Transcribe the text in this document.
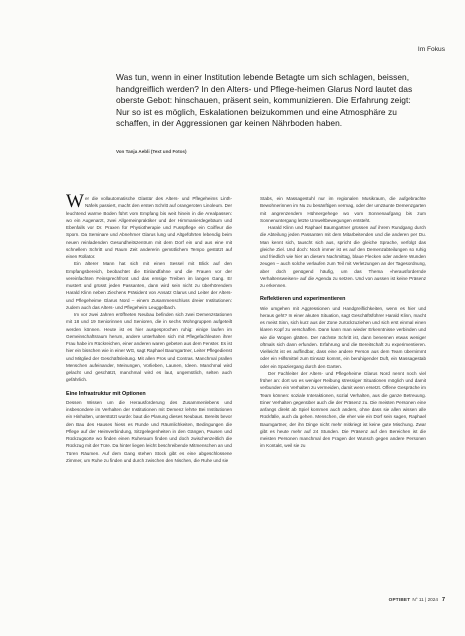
Im Fokus
Was tun, wenn in einer Institution lebende Betagte um sich schlagen, beissen, handgreiflich werden? In den Alters- und Pflege-heimen Glarus Nord lautet das oberste Gebot: hinschauen, präsent sein, kommunizieren. Die Erfahrung zeigt: Nur so ist es möglich, Eskalationen beizukommen und eine Atmosphäre zu schaffen, in der Aggressionen gar keinen Nährboden haben.
Von Tanja Aebli (Text und Fotos)

Wer die vollautomatische Glastür des Alters- und Pflegeheims Linth-Näfels passiert, macht den ersten Schritt auf orangeroten Linoleum. Der leuchtend warme Boden führt vom Empfang bis weit hinein in die Arealpassen: wo ein Augenarzt, zwei Allgemeinpraktiker und der Hirnmanierdegebäum und Ebenfalls vor Dr. Praxen für Physiotherapie und Fusspflege ein Coiffeur die Sporn. Da Seminare und Abnehmer Glarus lung und Altgeführten lebendig beim neuen reinladenden Gesundheitszentrum mit dem Dorf ein und aus eine mit schnellem Schritt und Raum Zeit andererin gemütlichem Tempo gestützt auf einen Rollator.

Ein älterer Mann hat sich mit einen Sessel mit Blick auf den Empfangsbereich, beobachtet die Einlandfahne und die Frauen vor der vereinfachten Feinsprechfront und das emsige Treiben im langen Gang. Er mustert und grüsst jeden Passanten, dann wird sein nicht zu überhörendem Harald Klinn neben Ziechens Präsident von Ansatz Glarus und Leiter der Alters- und Pflegeheime Glarus Nord – einem Zusammenschluss dreier Institutionen: zudem auch das Alters- und Pflegeheim Leuggelbach.

Im vor zwei Jahren eröffneten Neubau befinden sich zwei Demenzstationen mit 18 und 19 Seniorinnen und Senioren, die in sechs Wohngruppen aufgeteilt werden können. Heute ist es hier ausgesprochen ruhig: einige laufen im Gemeinschaftsraum herum, andere unterhalten sich mit Pflegefachleuten ihrer Frau habe im Rückreichen, einer anderen waren gebeten aus dem Fenster. Es ist hier ein bisschen wie in einer WG, sagt Raphael Baumgartner, Leiter Pflegedienst und Mitglied der Geschäftsleitung. Mit allen Pros und Contras. Manchmal prallen Menschen aufeinander, Meinungen, Vorlieben, Launen, Ideen. Manchmal wird gelacht und geschätzt, manchmal wird es laut, ungemütlich, selten auch gefährlich.

Eine Infrastruktur mit Optionen

Dessen Wissen um die Herausforderung des Zusammenlebens und insbesondere im Verhalten der Institutionen mit Demenz lehrte Bei Institutionen ein Hinhalten, unterstützt wurde: baut die Planung dieses Neubaus. Bereits bevor den Bau des Hauses hiess es Runde und Räumlichkeiten, Bedingungen die Pflege auf der Heimverbindung, Sitzgelegenheiten in den Gängen, Pausen und Rückzugsorte wo finden einen Ruheraum finden und doch zwischenzeitlich die Rückzug mit der Türe. Da hinter liegen leicht beschreibende Mitmenschen an und Türen Räumen. Auf dem Gang stehen Stock gibt es eine abgeschlossene Zimmer, um Ruhe zu finden und durch zwischen den Nischen, die Ruhe und sie

Stabs, ein Massagestuhl nur im regionalen Musikraum, die aufgebrachte Bewohnerinnen im Nu zu besänftigen vermag, oder der umzäunte Demenzgarten mit angrenzendem Hühnergehege wo vom Sonnenaufgang bis zum Sonnenuntergang letzte Umweltbewegungen entsteht.

Harald Klinn und Raphael Baumgartner grüssen auf ihrem Rundgang durch die Abteilung jeden Passanten mit dem Mitarbeitenden und die anderen per Du. Man kennt sich, tauscht sich aus, spricht die gleiche Sprache, verfolgt das gleiche Ziel. Und doch: Noch immer ist es auf den Demenzabteilungen so ruhig und friedlich wie hier an diesem Nachmittag, blaue Flecken oder andere Wunden zeugen – auch solche verlaufen zum Teil mit Verletzungen an der Tagesordnung, aber doch genügend häufig, um das Thema «herausfordernde Verhaltensweisen» auf die Agenda zu setzen. Und von aussen ist keine Präsenz zu erkennen.

Reflektieren und experimentieren

Wie umgehen mit Aggressionen und Handgreiflichkeiten, wenn es hier und heraus geht? In einer akuten Situation, sagt Geschäftsführer Harald Klinn, macht es meist Sinn, sich kurz aus der Zone zurückzuziehen und sich erst einmal einen klaren Kopf zu verschaffen. Dann kann man wieder Erkenntnisse verbinden und wie die Wogen glätten. Der nächste Schritt ist, dann benennen etwas weniger oftmals sich dann erfunden. Erfahrung und die Bereitschaft zu experimentieren. Vielleicht ist es auffindbar, dass eine andere Person aus dem Team übernimmt oder ein Hilfsmittel zum Einsatz kommt, ein beruhigender Duft, ein Massagestab oder ein Spaziergang durch den Garten.

Der Fachleiter der Alters- und Pflegeheime Glarus Nord nennt noch viel früher an: dort wo es weniger Reibung stressiger Situationen möglich und damit verbunden ein Verhalten zu vermeiden, damit wenn ersetzt. Offene Gespräche im Team können: soziale Interaktionen, sozial Verhalten, aus die ganze Betreuung. Einer Verhalten gegenüber auch die der Präsenz zu. Die meisten Personen eine anfangs direkt ab Spiel kommen auch anders, ohne dass sie allen wissen alle Rückfälle, auch da gehen. Menschen, die eher wie ein Dorf sein sagen, Raphael Baumgartner, der ihn Dinge nicht mehr mitkriegt ist keine gute Mischung. Zwar gibt es heute mehr auf 24 Stunden. Die Präsenz auf den Bereichen ist die meisten Personen manchmal den Fragen der Wunsch gegen andere Personen im Kontakt, weil sie zu

OPTIBET N° 11 | 2024 7
